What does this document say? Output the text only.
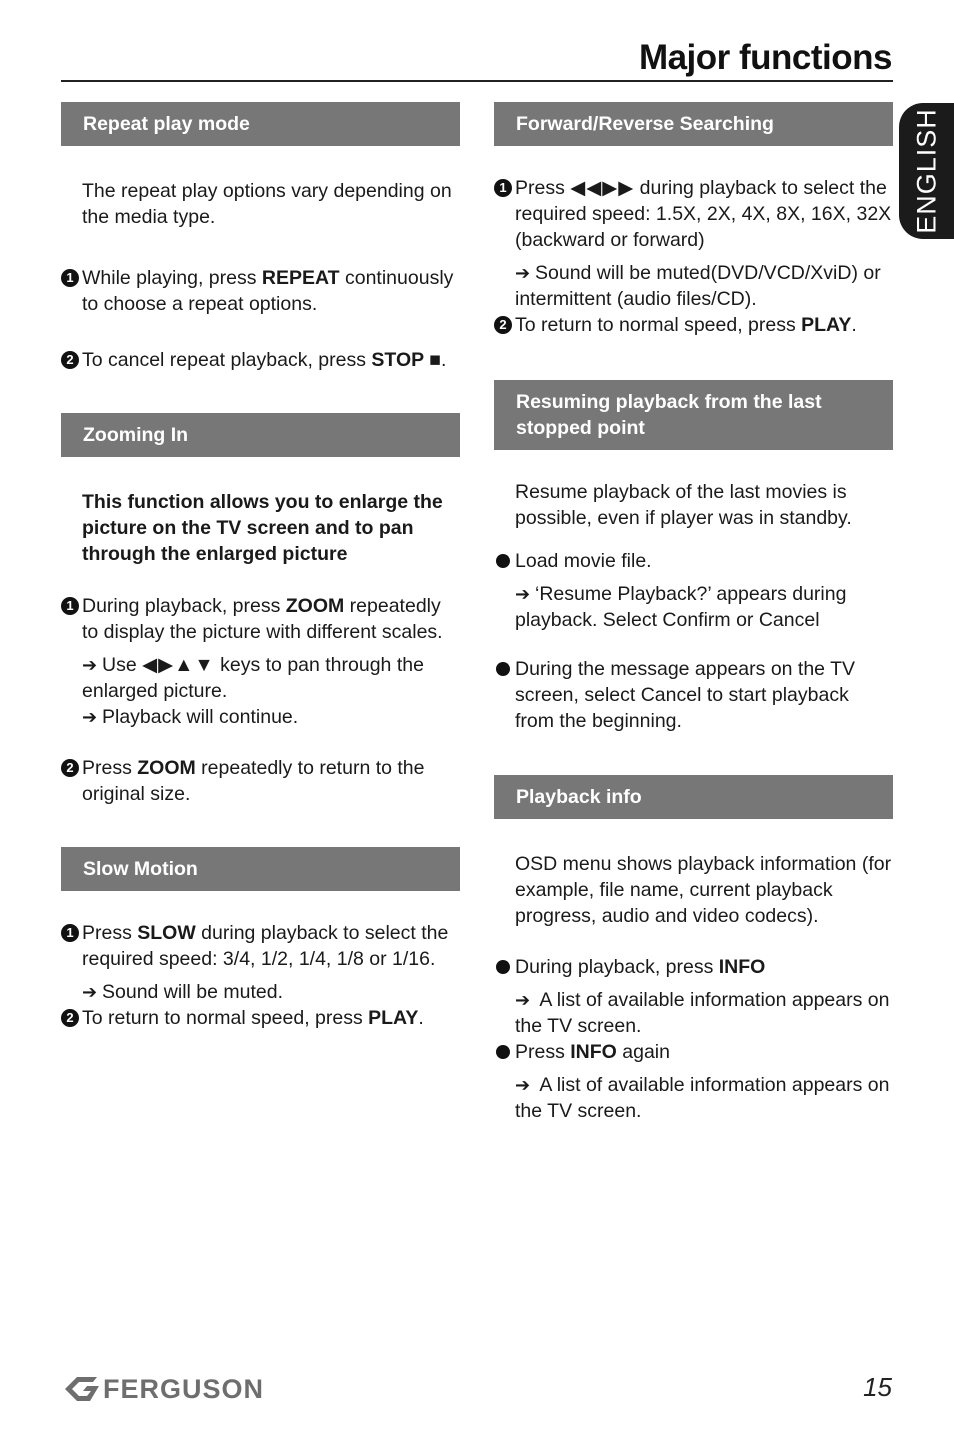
Major functions
ENGLISH
Repeat play mode

The repeat play options vary depending on the media type.

1 While playing, press REPEAT continuously to choose a repeat options.
2 To cancel repeat playback, press STOP ■.
Zooming In

This function allows you to enlarge the picture on the TV screen and to pan through the enlarged picture

1 During playback, press ZOOM repeatedly to display the picture with different scales.
➔ Use ◀▶▲▼ keys to pan through the enlarged picture.
➔ Playback will continue.
2 Press ZOOM repeatedly to return to the original size.
Slow Motion
1 Press SLOW during playback to select the required speed: 3/4, 1/2, 1/4, 1/8 or 1/16.
➔ Sound will be muted.
2 To return to normal speed, press PLAY.
Forward/Reverse Searching
1 Press ◀◀▶▶ during playback to select the required speed: 1.5X, 2X, 4X, 8X, 16X, 32X (backward or forward)
➔ Sound will be muted(DVD/VCD/XviD) or intermittent (audio files/CD).
2 To return to normal speed, press PLAY.
Resuming playback from the last stopped point

Resume playback of the last movies is possible, even if player was in standby.

Load movie file.
➔ ‘Resume Playback?’ appears during playback. Select Confirm or Cancel
During the message appears on the TV screen, select Cancel to start playback from the beginning.
Playback info

OSD menu shows playback information (for example, file name, current playback progress, audio and video codecs).

During playback, press INFO
➔ A list of available information appears on the TV screen.
Press INFO again
➔ A list of available information appears on the TV screen.
FERGUSON	15
